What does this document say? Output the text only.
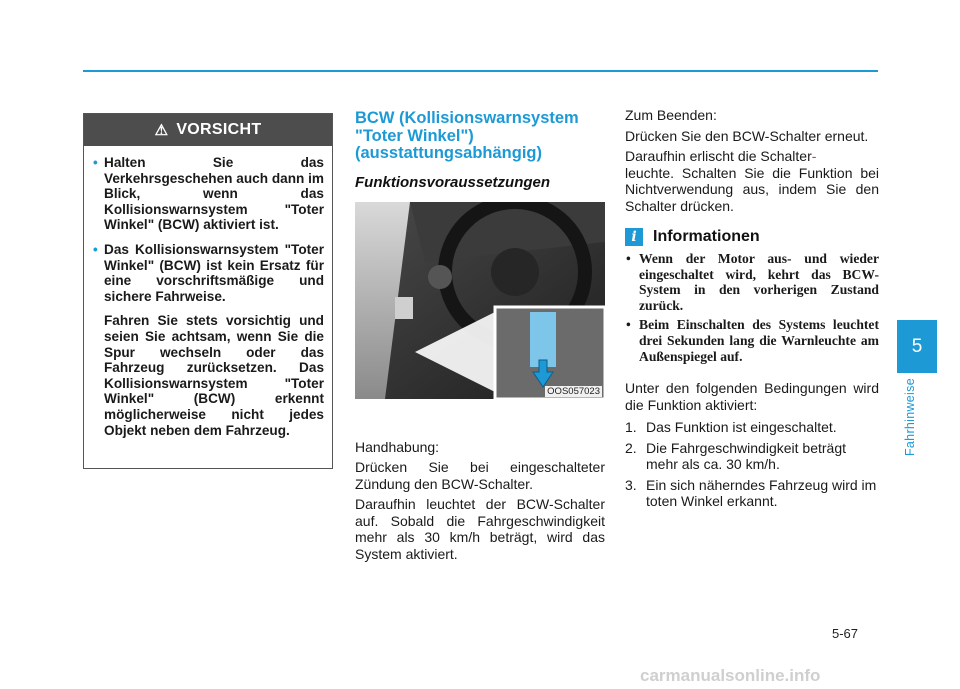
⚠ VORSICHT
• Halten Sie das Verkehrsgeschehen auch dann im Blick, wenn das Kollisionswarnsystem "Toter Winkel" (BCW) aktiviert ist.
• Das Kollisionswarnsystem "Toter Winkel" (BCW) ist kein Ersatz für eine vorschriftsmäßige und sichere Fahrweise.
Fahren Sie stets vorsichtig und seien Sie achtsam, wenn Sie die Spur wechseln oder das Fahrzeug zurücksetzen. Das Kollisionswarnsystem "Toter Winkel" (BCW) erkennt möglicherweise nicht jedes Objekt neben dem Fahrzeug.
BCW (Kollisionswarnsystem "Toter Winkel") (ausstattungsabhängig)
Funktionsvoraussetzungen
OOS057023

Handhabung:

Drücken Sie bei eingeschalteter Zündung den BCW-Schalter.

Daraufhin leuchtet der BCW-Schalter auf. Sobald die Fahrgeschwindigkeit mehr als 30 km/h beträgt, wird das System aktiviert.

Zum Beenden:

Drücken Sie den BCW-Schalter erneut.

Daraufhin erlischt die Schalter-
leuchte. Schalten Sie die Funktion bei Nichtverwendung aus, indem Sie den Schalter drücken.

i	Informationen
• Wenn der Motor aus- und wieder eingeschaltet wird, kehrt das BCW-System in den vorherigen Zustand zurück.
• Beim Einschalten des Systems leuchtet drei Sekunden lang die Warnleuchte am Außenspiegel auf.

Unter den folgenden Bedingungen wird die Funktion aktiviert:

1. Das Funktion ist eingeschaltet.
2. Die Fahrgeschwindigkeit beträgt mehr als ca. 30 km/h.
3. Ein sich näherndes Fahrzeug wird im toten Winkel erkannt.
5
Fahrhinweise
5-67
carmanualsonline.info
